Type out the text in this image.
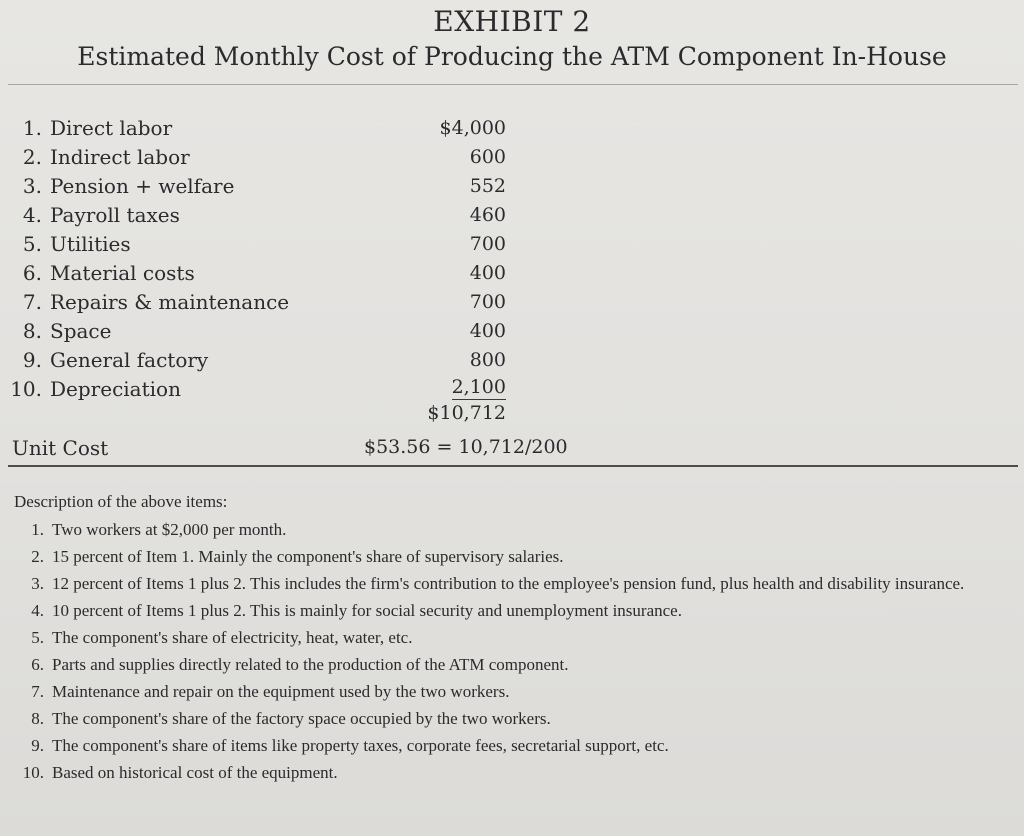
EXHIBIT 2
Estimated Monthly Cost of Producing the ATM Component In-House
1. Direct labor	$4,000
2. Indirect labor	600
3. Pension + welfare	552
4. Payroll taxes	460
5. Utilities	700
6. Material costs	400
7. Repairs & maintenance	700
8. Space	400
9. General factory	800
10. Depreciation	2,100
$10,712
Unit Cost	$53.56 = 10,712/200
Description of the above items:
1. Two workers at $2,000 per month.
2. 15 percent of Item 1. Mainly the component's share of supervisory salaries.
3. 12 percent of Items 1 plus 2. This includes the firm's contribution to the employee's pension fund, plus health and disability insurance.
4. 10 percent of Items 1 plus 2. This is mainly for social security and unemployment insurance.
5. The component's share of electricity, heat, water, etc.
6. Parts and supplies directly related to the production of the ATM component.
7. Maintenance and repair on the equipment used by the two workers.
8. The component's share of the factory space occupied by the two workers.
9. The component's share of items like property taxes, corporate fees, secretarial support, etc.
10. Based on historical cost of the equipment.
